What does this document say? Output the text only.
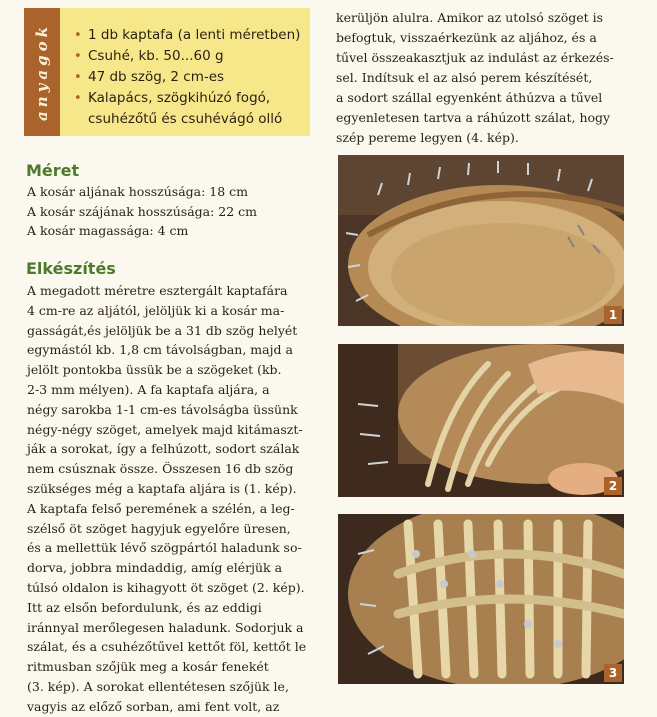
anyagok • 1 db kaptafa (a lenti méretben)
• Csuhé, kb. 50...60 g
• 47 db szög, 2 cm-es
• Kalapács, szögkihúzó fogó,
csuhézőtű és csuhévágó olló
Méret
A kosár aljának hosszúsága: 18 cm
A kosár szájának hosszúsága: 22 cm
A kosár magassága: 4 cm
Elkészítés
A megadott méretre esztergált kaptafára
4 cm-re az aljától, jelöljük ki a kosár ma-
gasságát,és jelöljük be a 31 db szög helyét
egymástól kb. 1,8 cm távolságban, majd a
jelölt pontokba üssük be a szögeket (kb.
2-3 mm mélyen). A fa kaptafa aljára, a
négy sarokba 1-1 cm-es távolságba üssünk
négy-négy szöget, amelyek majd kitámaszt-
ják a sorokat, így a felhúzott, sodort szálak
nem csúsznak össze. Összesen 16 db szög
szükséges még a kaptafa aljára is (1. kép).
A kaptafa felső peremének a szélén, a leg-
szélső öt szöget hagyjuk egyelőre üresen,
és a mellettük lévő szögpártól haladunk so-
dorva, jobbra mindaddig, amíg elérjük a
túlsó oldalon is kihagyott öt szöget (2. kép).
Itt az elsőn befordulunk, és az eddigi
iránnyal merőlegesen haladunk. Sodorjuk a
szálat, és a csuhézőtűvel kettőt föl, kettőt le
ritmusban szőjük meg a kosár fenekét
(3. kép). A sorokat ellentétesen szőjük le,
vagyis az előző sorban, ami fent volt, az
kerüljön alulra. Amikor az utolsó szöget is
befogtuk, visszaérkezünk az aljához, és a
tűvel összeakasztjuk az indulást az érkezés-
sel. Indítsuk el az alsó perem készítését,
a sodort szállal egyenként áthúzva a tűvel
egyenletesen tartva a ráhúzott szálat, hogy
szép pereme legyen (4. kép).
1
2
3
